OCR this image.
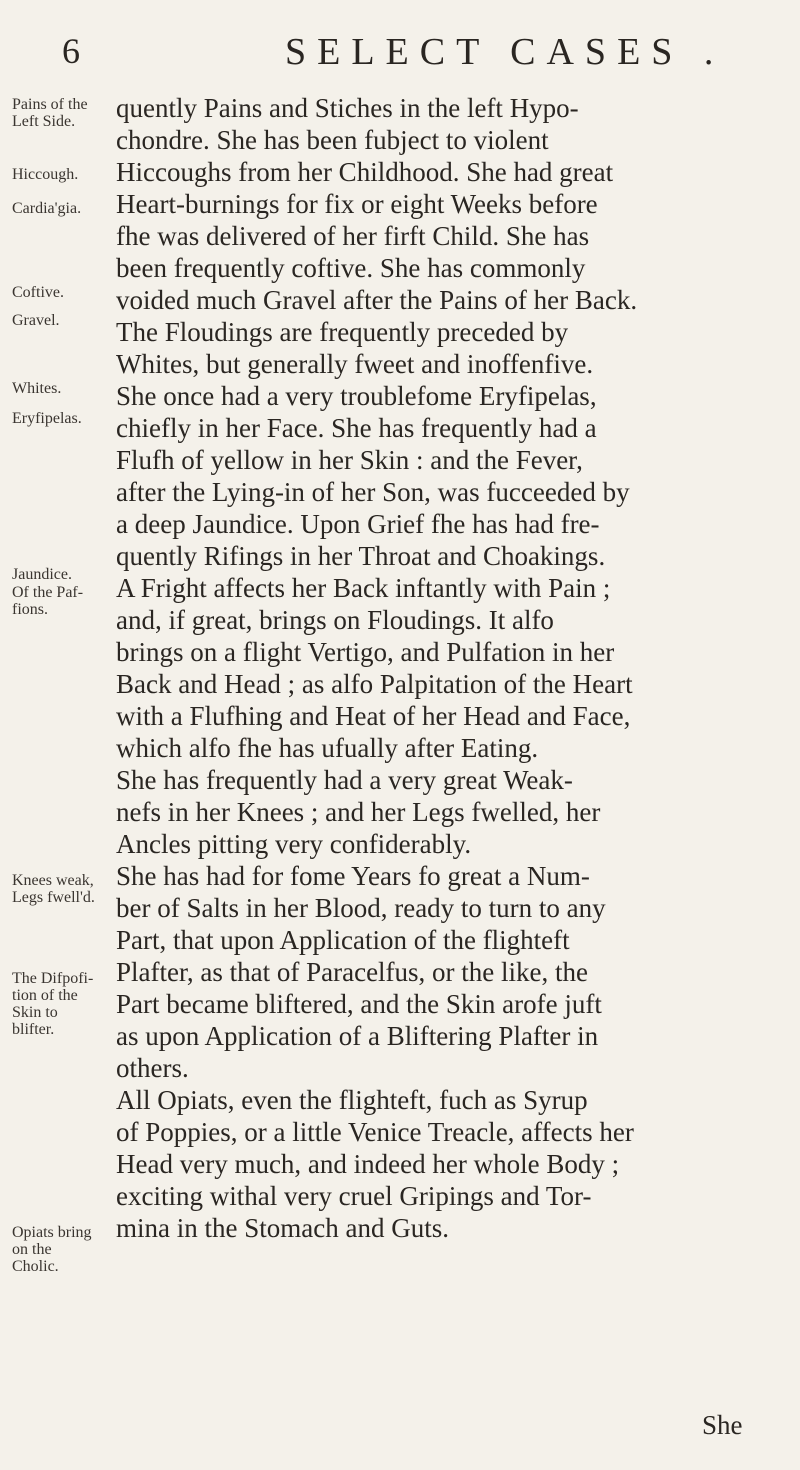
6	SELECT CASES .
Pains of the
Left Side.
Hiccough.
Cardia'gia.
Coftive.
Gravel.
Whites.
Eryfipelas.
Jaundice.
Of the Paf-
fions.
Knees weak,
Legs fwell'd.
The Difpofi-
tion of the
Skin to
blifter.
Opiats bring
on the
Cholic.
quently Pains and Stiches in the left Hypo-
chondre. She has been fubject to violent
Hiccoughs from her Childhood. She had great
Heart-burnings for fix or eight Weeks before
fhe was delivered of her firft Child. She has
been frequently coftive. She has commonly
voided much Gravel after the Pains of her Back.
The Floudings are frequently preceded by
Whites, but generally fweet and inoffenfive.
She once had a very troublefome Eryfipelas,
chiefly in her Face. She has frequently had a
Flufh of yellow in her Skin : and the Fever,
after the Lying-in of her Son, was fucceeded by
a deep Jaundice. Upon Grief fhe has had fre-
quently Rifings in her Throat and Choakings.
A Fright affects her Back inftantly with Pain ;
and, if great, brings on Floudings. It alfo
brings on a flight Vertigo, and Pulfation in her
Back and Head ; as alfo Palpitation of the Heart
with a Flufhing and Heat of her Head and Face,
which alfo fhe has ufually after Eating.
She has frequently had a very great Weak-
nefs in her Knees ; and her Legs fwelled, her
Ancles pitting very confiderably.
She has had for fome Years fo great a Num-
ber of Salts in her Blood, ready to turn to any
Part, that upon Application of the flighteft
Plafter, as that of Paracelfus, or the like, the
Part became bliftered, and the Skin arofe juft
as upon Application of a Bliftering Plafter in
others.
All Opiats, even the flighteft, fuch as Syrup
of Poppies, or a little Venice Treacle, affects her
Head very much, and indeed her whole Body ;
exciting withal very cruel Gripings and Tor-
mina in the Stomach and Guts.
She
